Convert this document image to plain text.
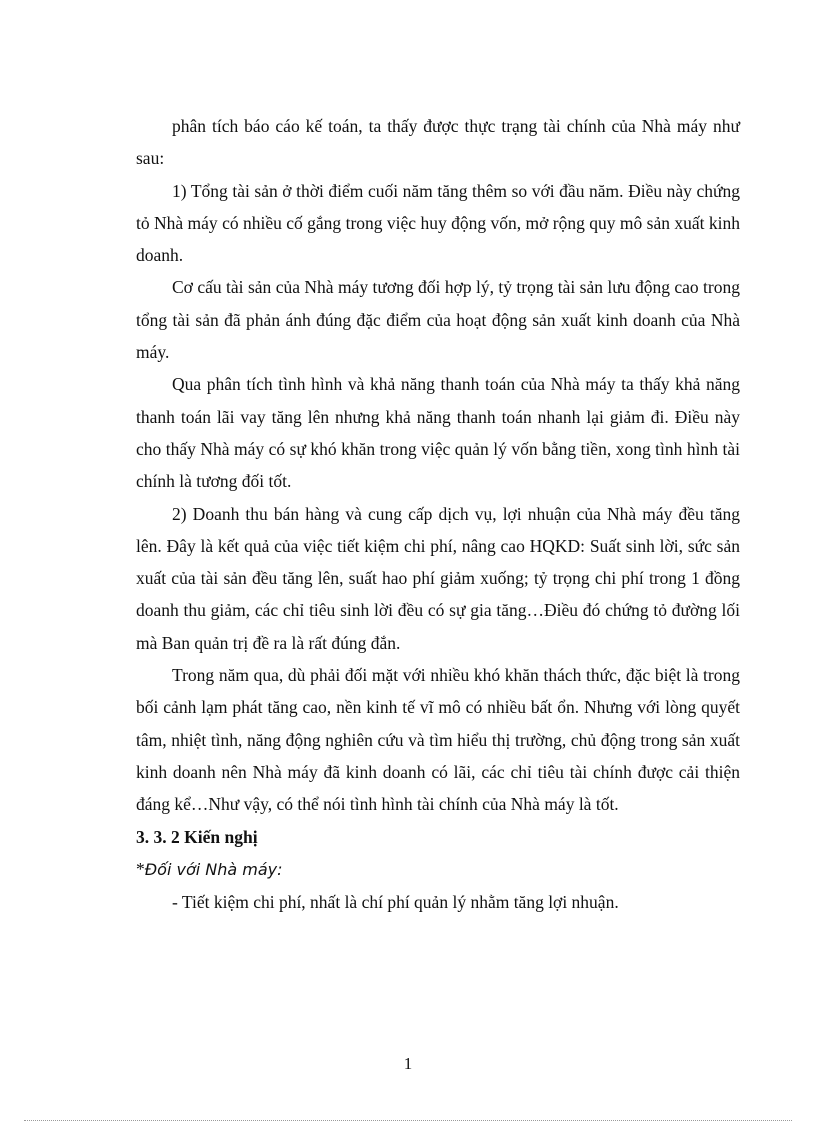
phân tích báo cáo kế toán, ta thấy được thực trạng tài chính của Nhà máy như sau:

1) Tổng tài sản ở thời điểm cuối năm tăng thêm so với đầu năm. Điều này chứng tỏ Nhà máy có nhiều cố gắng trong việc huy động vốn, mở rộng quy mô sản xuất kinh doanh.

Cơ cấu tài sản của Nhà máy tương đối hợp lý, tỷ trọng tài sản lưu động cao trong tổng tài sản đã phản ánh đúng đặc điểm của hoạt động sản xuất kinh doanh của Nhà máy.

Qua phân tích tình hình và khả năng thanh toán của Nhà máy ta thấy khả năng thanh toán lãi vay tăng lên nhưng khả năng thanh toán nhanh lại giảm đi. Điều này cho thấy Nhà máy có sự khó khăn trong việc quản lý vốn bằng tiền, xong tình hình tài chính là tương đối tốt.

2) Doanh thu bán hàng và cung cấp dịch vụ, lợi nhuận của Nhà máy đều tăng lên. Đây là kết quả của việc tiết kiệm chi phí, nâng cao HQKD: Suất sinh lời, sức sản xuất của tài sản đều tăng lên, suất hao phí giảm xuống; tỷ trọng chi phí trong 1 đồng doanh thu giảm, các chỉ tiêu sinh lời đều có sự gia tăng…Điều đó chứng tỏ đường lối mà Ban quản trị đề ra là rất đúng đắn.

Trong năm qua, dù phải đối mặt với nhiều khó khăn thách thức, đặc biệt là trong bối cảnh lạm phát tăng cao, nền kinh tế vĩ mô có nhiều bất ổn. Nhưng với lòng quyết tâm, nhiệt tình, năng động nghiên cứu và tìm hiểu thị trường, chủ động trong sản xuất kinh doanh nên Nhà máy đã kinh doanh có lãi, các chỉ tiêu tài chính được cải thiện đáng kể…Như vậy, có thể nói tình hình tài chính của Nhà máy là tốt.

3. 3. 2 Kiến nghị

*Đối với Nhà máy:

- Tiết kiệm chi phí, nhất là chí phí quản lý nhằm tăng lợi nhuận.

1
